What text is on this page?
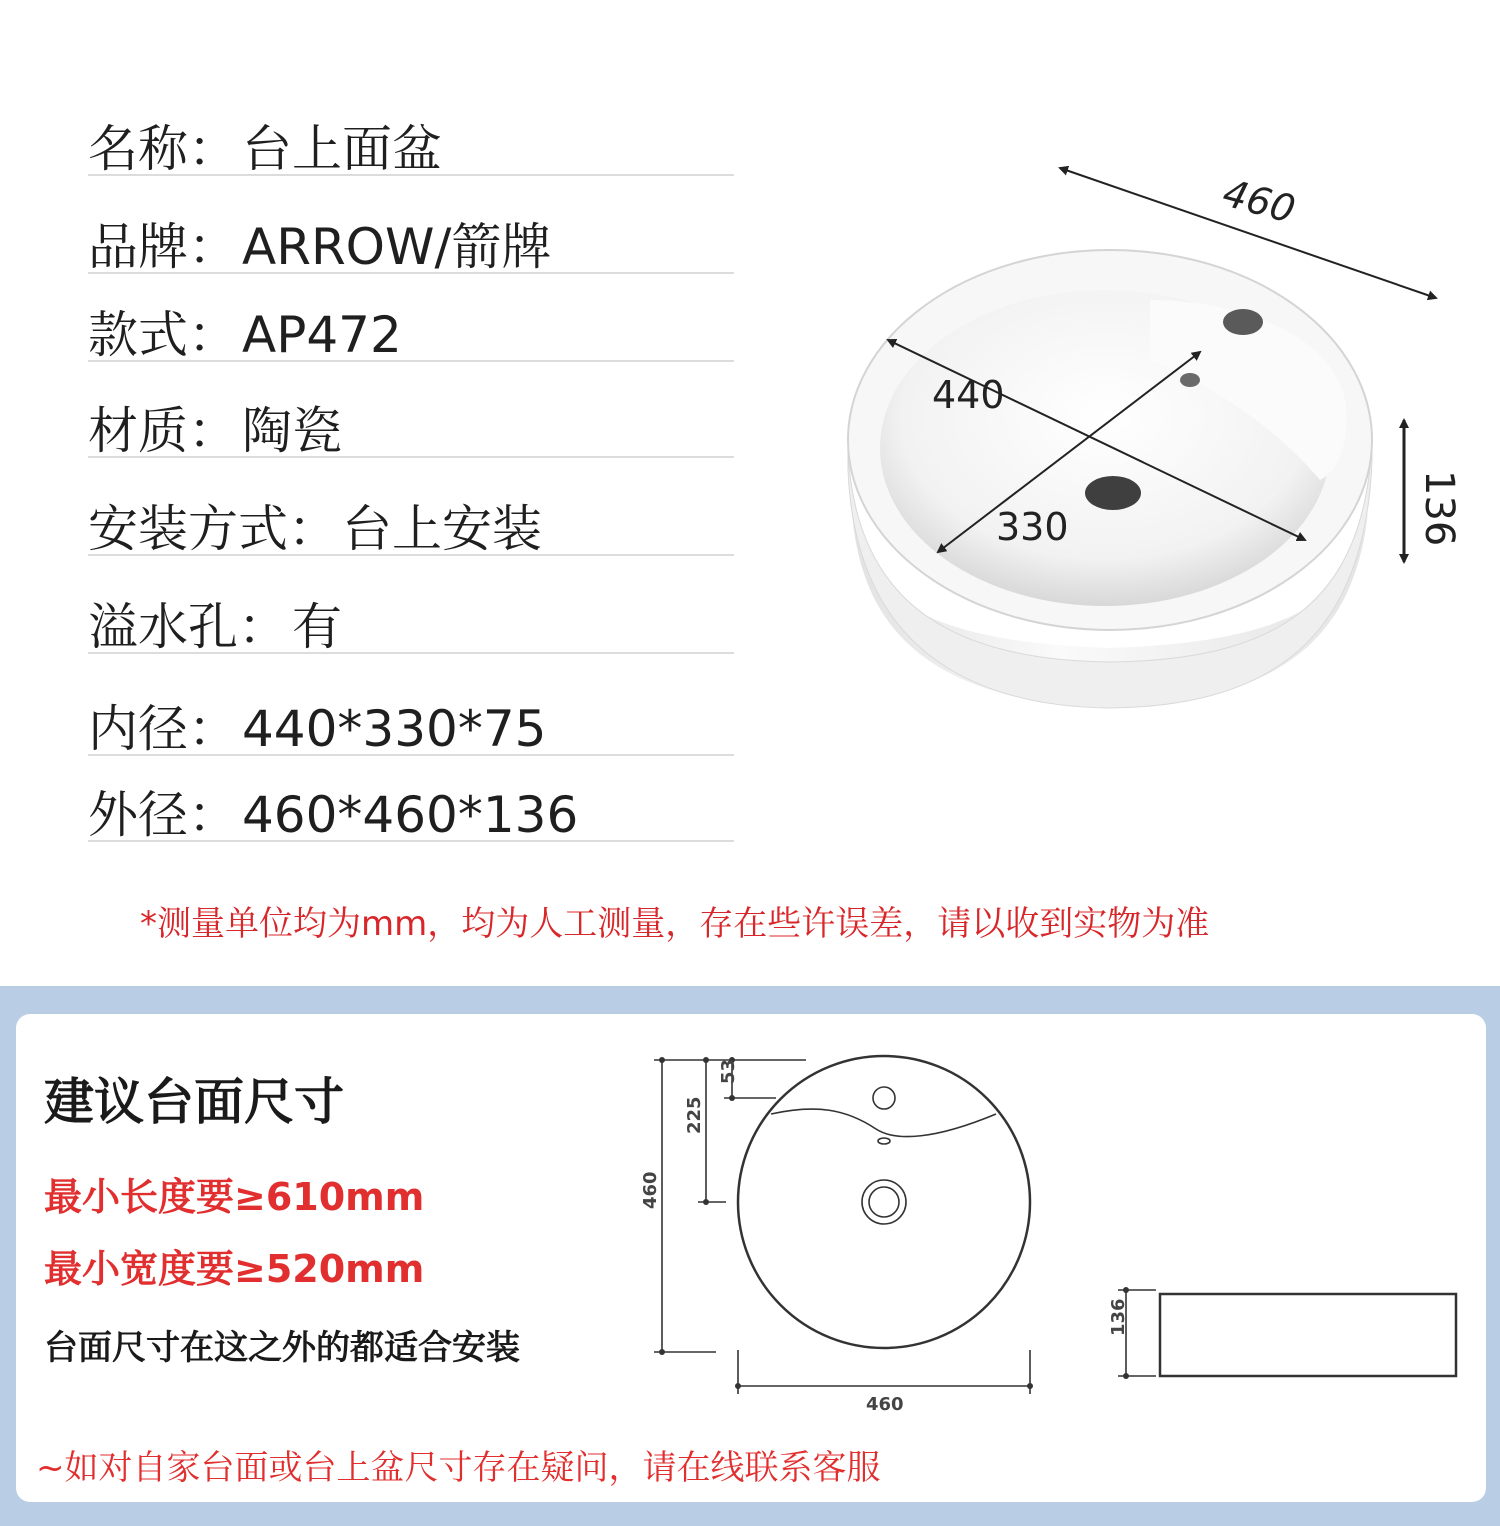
名称： 台上面盆
品牌： ARROW/箭牌
款式： AP472
材质： 陶瓷
安装方式： 台上安装
溢水孔： 有
内径： 440*330*75
外径： 460*460*136
460
440
330	136
*测量单位均为mm，均为人工测量，存在些许误差，请以收到实物为准
建议台面尺寸
最小长度要≥610mm
最小宽度要≥520mm
台面尺寸在这之外的都适合安装
~如对自家台面或台上盆尺寸存在疑问，请在线联系客服
53
225
460
460
136
